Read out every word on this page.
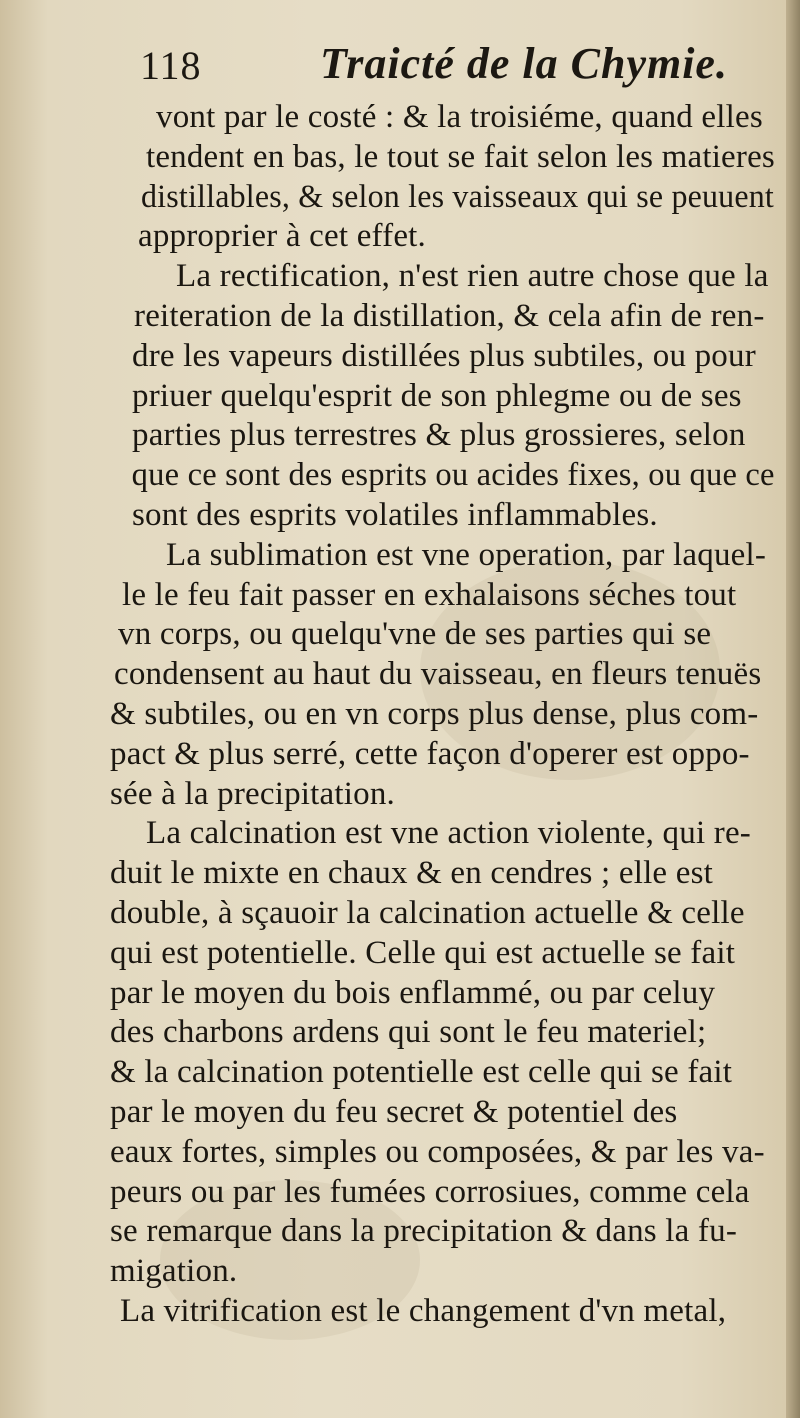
118	Traicté de la Chymie.
vont par le costé : & la troisiéme, quand elles
tendent en bas, le tout se fait selon les matieres
distillables, & selon les vaisseaux qui se peuuent
approprier à cet effet.
La rectification, n'est rien autre chose que la
reiteration de la distillation, & cela afin de ren-
dre les vapeurs distillées plus subtiles, ou pour
priuer quelqu'esprit de son phlegme ou de ses
parties plus terrestres & plus grossieres, selon
que ce sont des esprits ou acides fixes, ou que ce
sont des esprits volatiles inflammables.
La sublimation est vne operation, par laquel-
le le feu fait passer en exhalaisons séches tout
vn corps, ou quelqu'vne de ses parties qui se
condensent au haut du vaisseau, en fleurs tenuës
& subtiles, ou en vn corps plus dense, plus com-
pact & plus serré, cette façon d'operer est oppo-
sée à la precipitation.
La calcination est vne action violente, qui re-
duit le mixte en chaux & en cendres ; elle est
double, à sçauoir la calcination actuelle & celle
qui est potentielle. Celle qui est actuelle se fait
par le moyen du bois enflammé, ou par celuy
des charbons ardens qui sont le feu materiel;
& la calcination potentielle est celle qui se fait
par le moyen du feu secret & potentiel des
eaux fortes, simples ou composées, & par les va-
peurs ou par les fumées corrosiues, comme cela
se remarque dans la precipitation & dans la fu-
migation.
La vitrification est le changement d'vn metal,
